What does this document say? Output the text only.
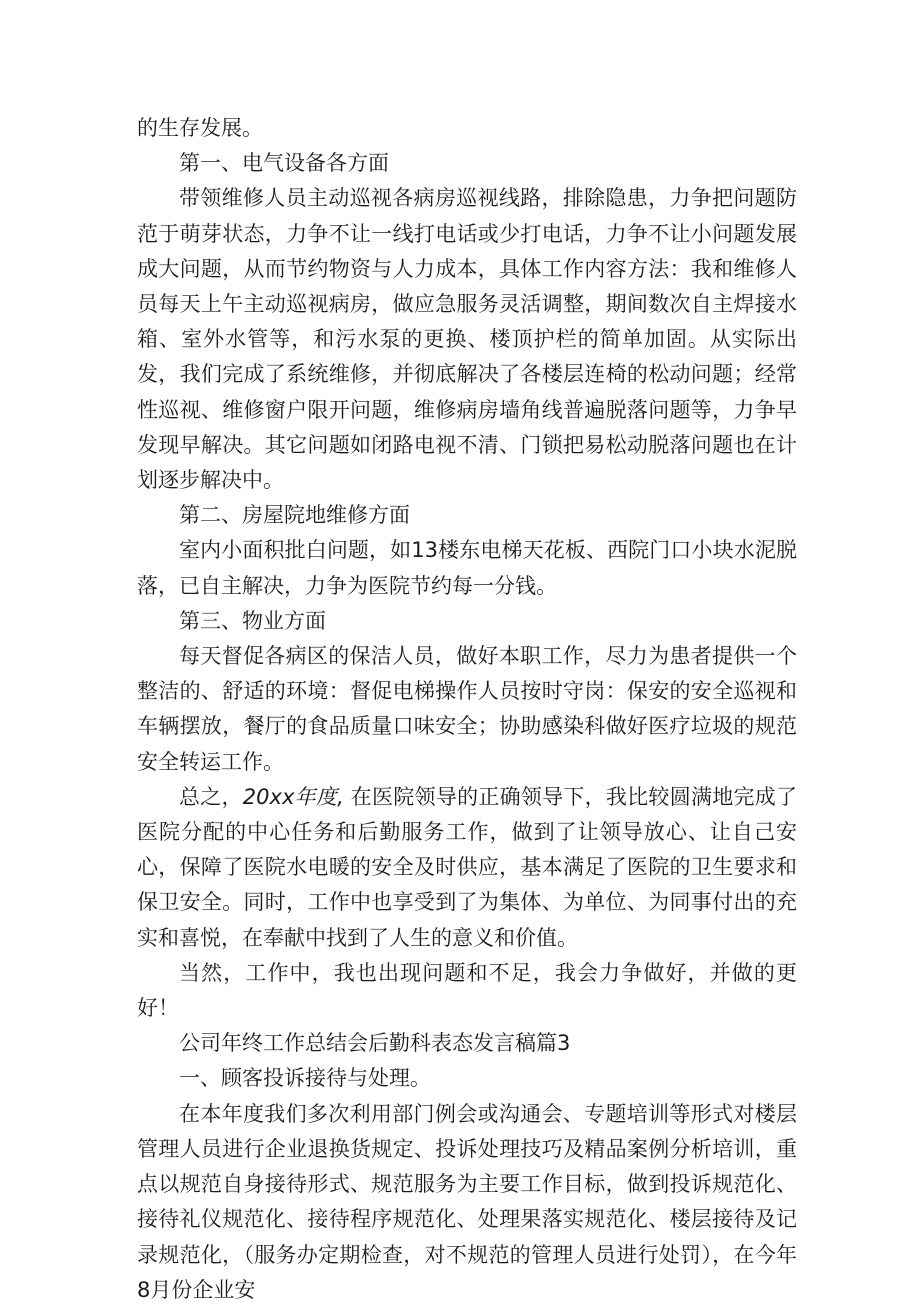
的生存发展。

第一、电气设备各方面

带领维修人员主动巡视各病房巡视线路，排除隐患，力争把问题防范于萌芽状态，力争不让一线打电话或少打电话，力争不让小问题发展成大问题，从而节约物资与人力成本，具体工作内容方法：我和维修人员每天上午主动巡视病房，做应急服务灵活调整，期间数次自主焊接水箱、室外水管等，和污水泵的更换、楼顶护栏的简单加固。从实际出发，我们完成了系统维修，并彻底解决了各楼层连椅的松动问题；经常性巡视、维修窗户限开问题，维修病房墙角线普遍脱落问题等，力争早发现早解决。其它问题如闭路电视不清、门锁把易松动脱落问题也在计划逐步解决中。

第二、房屋院地维修方面

室内小面积批白问题，如13楼东电梯天花板、西院门口小块水泥脱落，已自主解决，力争为医院节约每一分钱。

第三、物业方面

每天督促各病区的保洁人员，做好本职工作，尽力为患者提供一个整洁的、舒适的环境：督促电梯操作人员按时守岗：保安的安全巡视和车辆摆放，餐厅的食品质量口味安全；协助感染科做好医疗垃圾的规范安全转运工作。

总之，20xx年度, 在医院领导的正确领导下，我比较圆满地完成了医院分配的中心任务和后勤服务工作，做到了让领导放心、让自己安心，保障了医院水电暖的安全及时供应，基本满足了医院的卫生要求和保卫安全。同时，工作中也享受到了为集体、为单位、为同事付出的充实和喜悦，在奉献中找到了人生的意义和价值。

当然，工作中，我也出现问题和不足，我会力争做好，并做的更好！

公司年终工作总结会后勤科表态发言稿篇3

一、顾客投诉接待与处理。

在本年度我们多次利用部门例会或沟通会、专题培训等形式对楼层管理人员进行企业退换货规定、投诉处理技巧及精品案例分析培训，重点以规范自身接待形式、规范服务为主要工作目标，做到投诉规范化、接待礼仪规范化、接待程序规范化、处理果落实规范化、楼层接待及记录规范化，（服务办定期检查，对不规范的管理人员进行处罚），在今年8月份企业安
